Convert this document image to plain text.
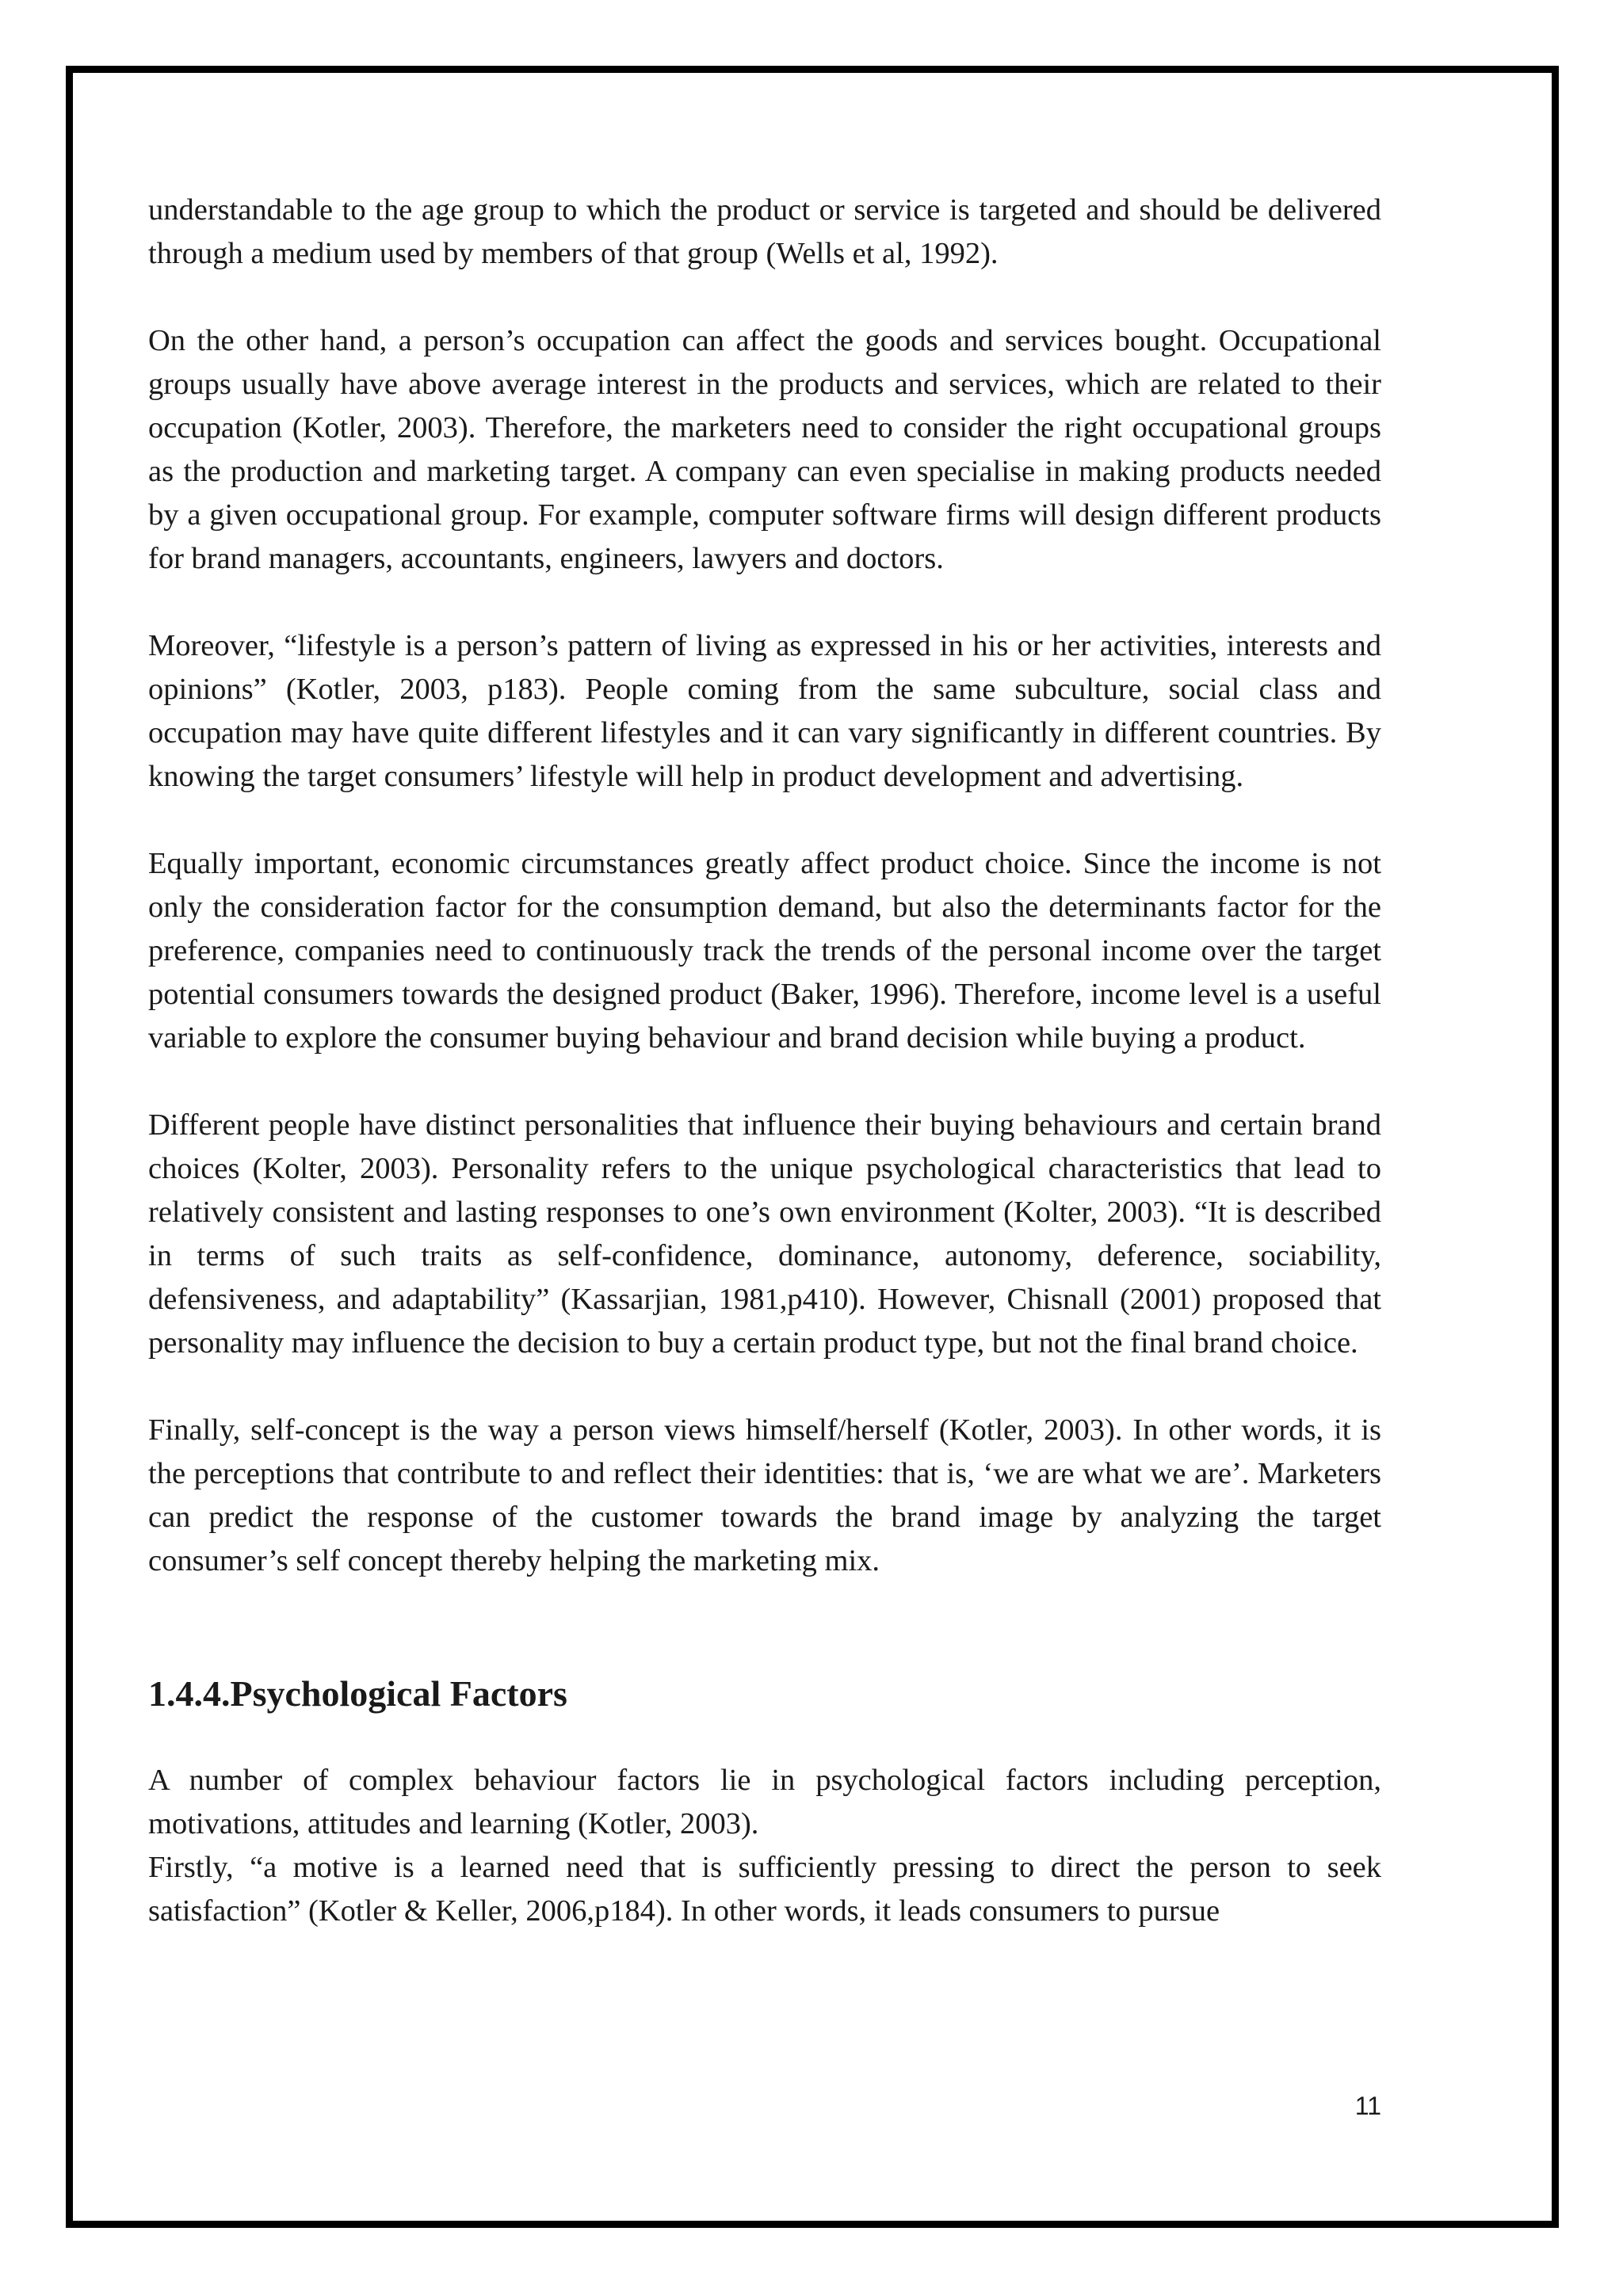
understandable to the age group to which the product or service is targeted and should be delivered through a medium used by members of that group (Wells et al, 1992).

On the other hand, a person’s occupation can affect the goods and services bought. Occupational groups usually have above average interest in the products and services, which are related to their occupation (Kotler, 2003). Therefore, the marketers need to consider the right occupational groups as the production and marketing target. A company can even specialise in making products needed by a given occupational group. For example, computer software firms will design different products for brand managers, accountants, engineers, lawyers and doctors.

Moreover, “lifestyle is a person’s pattern of living as expressed in his or her activities, interests and opinions” (Kotler, 2003, p183). People coming from the same subculture, social class and occupation may have quite different lifestyles and it can vary significantly in different countries. By knowing the target consumers’ lifestyle will help in product development and advertising.

Equally important, economic circumstances greatly affect product choice. Since the income is not only the consideration factor for the consumption demand, but also the determinants factor for the preference, companies need to continuously track the trends of the personal income over the target potential consumers towards the designed product (Baker, 1996). Therefore, income level is a useful variable to explore the consumer buying behaviour and brand decision while buying a product.

Different people have distinct personalities that influence their buying behaviours and certain brand choices (Kolter, 2003). Personality refers to the unique psychological characteristics that lead to relatively consistent and lasting responses to one’s own environment (Kolter, 2003). “It is described in terms of such traits as self-confidence, dominance, autonomy, deference, sociability, defensiveness, and adaptability” (Kassarjian, 1981,p410). However, Chisnall (2001) proposed that personality may influence the decision to buy a certain product type, but not the final brand choice.

Finally, self-concept is the way a person views himself/herself (Kotler, 2003). In other words, it is the perceptions that contribute to and reflect their identities: that is, ‘we are what we are’. Marketers can predict the response of the customer towards the brand image by analyzing the target consumer’s self concept thereby helping the marketing mix.

1.4.4.Psychological Factors

A number of complex behaviour factors lie in psychological factors including perception, motivations, attitudes and learning (Kotler, 2003).

Firstly, “a motive is a learned need that is sufficiently pressing to direct the person to seek satisfaction” (Kotler & Keller, 2006,p184). In other words, it leads consumers to pursue

11
